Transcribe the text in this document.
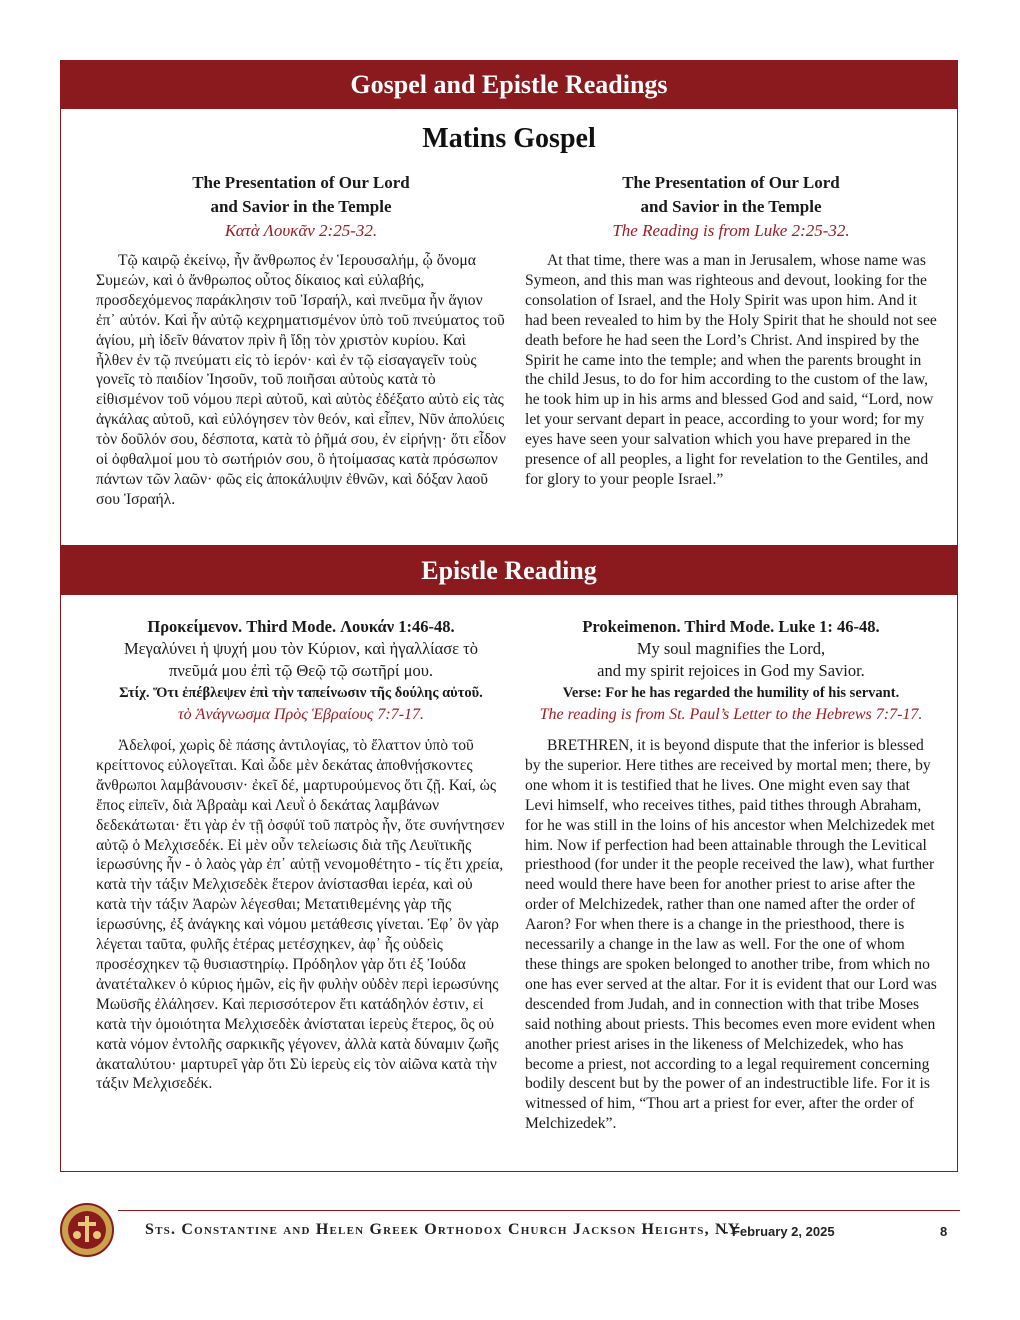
Gospel and Epistle Readings
Matins Gospel
The Presentation of Our Lord
and Savior in the Temple
Κατὰ Λουκᾶν 2:25-32.
Τῷ καιρῷ ἐκείνῳ, ἦν ἄνθρωπος ἐν Ἱερουσαλήμ, ᾧ ὄνομα Συμεών, καὶ ὁ ἄνθρωπος οὗτος δίκαιος καὶ εὐλαβής, προσδεχόμενος παράκλησιν τοῦ Ἰσραήλ, καὶ πνεῦμα ἦν ἅγιον ἐπ᾽ αὐτόν. Καὶ ἦν αὐτῷ κεχρηματισμένον ὑπὸ τοῦ πνεύματος τοῦ ἁγίου, μὴ ἰδεῖν θάνατον πρὶν ἢ ἴδῃ τὸν χριστὸν κυρίου. Καὶ ἦλθεν ἐν τῷ πνεύματι εἰς τὸ ἱερόν· καὶ ἐν τῷ εἰσαγαγεῖν τοὺς γονεῖς τὸ παιδίον Ἰησοῦν, τοῦ ποιῆσαι αὐτοὺς κατὰ τὸ εἰθισμένον τοῦ νόμου περὶ αὐτοῦ, καὶ αὐτὸς ἐδέξατο αὐτὸ εἰς τὰς ἀγκάλας αὐτοῦ, καὶ εὐλόγησεν τὸν θεόν, καὶ εἶπεν, Νῦν ἀπολύεις τὸν δοῦλόν σου, δέσποτα, κατὰ τὸ ῥῆμά σου, ἐν εἰρήνῃ· ὅτι εἶδον οἱ ὀφθαλμοί μου τὸ σωτήριόν σου, ὃ ἡτοίμασας κατὰ πρόσωπον πάντων τῶν λαῶν· φῶς εἰς ἀποκάλυψιν ἐθνῶν, καὶ δόξαν λαοῦ σου Ἰσραήλ.
The Presentation of Our Lord
and Savior in the Temple
The Reading is from Luke 2:25-32.
At that time, there was a man in Jerusalem, whose name was Symeon, and this man was righteous and devout, looking for the consolation of Israel, and the Holy Spirit was upon him. And it had been revealed to him by the Holy Spirit that he should not see death before he had seen the Lord’s Christ. And inspired by the Spirit he came into the temple; and when the parents brought in the child Jesus, to do for him according to the custom of the law, he took him up in his arms and blessed God and said, “Lord, now let your servant depart in peace, according to your word; for my eyes have seen your salvation which you have prepared in the presence of all peoples, a light for revelation to the Gentiles, and for glory to your people Israel.”
Epistle Reading
Προκείμενον. Third Mode. Λουκάν 1:46-48.
Μεγαλύνει ἡ ψυχή μου τὸν Κύριον, καὶ ἠγαλλίασε τὸ
πνεῦμά μου ἐπὶ τῷ Θεῷ τῷ σωτῆρί μου.
Στίχ. Ὅτι ἐπέβλεψεν ἐπὶ τὴν ταπείνωσιν τῆς δούλης αὐτοῦ.
τὸ Ἀνάγνωσμα Πρὸς Ἑβραίους 7:7-17.
Ἀδελφοί, χωρὶς δὲ πάσης ἀντιλογίας, τὸ ἔλαττον ὑπὸ τοῦ κρείττονος εὐλογεῖται. Καὶ ὧδε μὲν δεκάτας ἀποθνῄσκοντες ἄνθρωποι λαμβάνουσιν· ἐκεῖ δέ, μαρτυρούμενος ὅτι ζῇ. Καί, ὡς ἔπος εἰπεῖν, διὰ Ἀβραὰμ καὶ Λευῒ ὁ δεκάτας λαμβάνων δεδεκάτωται· ἔτι γὰρ ἐν τῇ ὀσφύϊ τοῦ πατρὸς ἦν, ὅτε συνήντησεν αὐτῷ ὁ Μελχισεδέκ. Εἰ μὲν οὖν τελείωσις διὰ τῆς Λευϊτικῆς ἱερωσύνης ἦν - ὁ λαὸς γὰρ ἐπ᾽ αὐτῇ νενομοθέτητο - τίς ἔτι χρεία, κατὰ τὴν τάξιν Μελχισεδὲκ ἕτερον ἀνίστασθαι ἱερέα, καὶ οὐ κατὰ τὴν τάξιν Ἀαρὼν λέγεσθαι; Μετατιθεμένης γὰρ τῆς ἱερωσύνης, ἐξ ἀνάγκης καὶ νόμου μετάθεσις γίνεται. Ἐφ᾽ ὃν γὰρ λέγεται ταῦτα, φυλῆς ἑτέρας μετέσχηκεν, ἀφ᾽ ἧς οὐδεὶς προσέσχηκεν τῷ θυσιαστηρίῳ. Πρόδηλον γὰρ ὅτι ἐξ Ἰούδα ἀνατέταλκεν ὁ κύριος ἡμῶν, εἰς ἣν φυλὴν οὐδὲν περὶ ἱερωσύνης Μωϋσῆς ἐλάλησεν. Καὶ περισσότερον ἔτι κατάδηλόν ἐστιν, εἰ κατὰ τὴν ὁμοιότητα Μελχισεδὲκ ἀνίσταται ἱερεὺς ἕτερος, ὃς οὐ κατὰ νόμον ἐντολῆς σαρκικῆς γέγονεν, ἀλλὰ κατὰ δύναμιν ζωῆς ἀκαταλύτου· μαρτυρεῖ γὰρ ὅτι Σὺ ἱερεὺς εἰς τὸν αἰῶνα κατὰ τὴν τάξιν Μελχισεδέκ.
Prokeimenon. Third Mode. Luke 1: 46-48.
My soul magnifies the Lord,
and my spirit rejoices in God my Savior.
Verse: For he has regarded the humility of his servant.
The reading is from St. Paul’s Letter to the Hebrews 7:7-17.
BRETHREN, it is beyond dispute that the inferior is blessed by the superior. Here tithes are received by mortal men; there, by one whom it is testified that he lives. One might even say that Levi himself, who receives tithes, paid tithes through Abraham, for he was still in the loins of his ancestor when Melchizedek met him. Now if perfection had been attainable through the Levitical priesthood (for under it the people received the law), what further need would there have been for another priest to arise after the order of Melchizedek, rather than one named after the order of Aaron? For when there is a change in the priesthood, there is necessarily a change in the law as well. For the one of whom these things are spoken belonged to another tribe, from which no one has ever served at the altar. For it is evident that our Lord was descended from Judah, and in connection with that tribe Moses said nothing about priests. This becomes even more evident when another priest arises in the likeness of Melchizedek, who has become a priest, not according to a legal requirement concerning bodily descent but by the power of an indestructible life. For it is witnessed of him, “Thou art a priest for ever, after the order of Melchizedek”.
Sts. Constantine and Helen Greek Orthodox Church Jackson Heights, NY
- February 2, 2025	8
